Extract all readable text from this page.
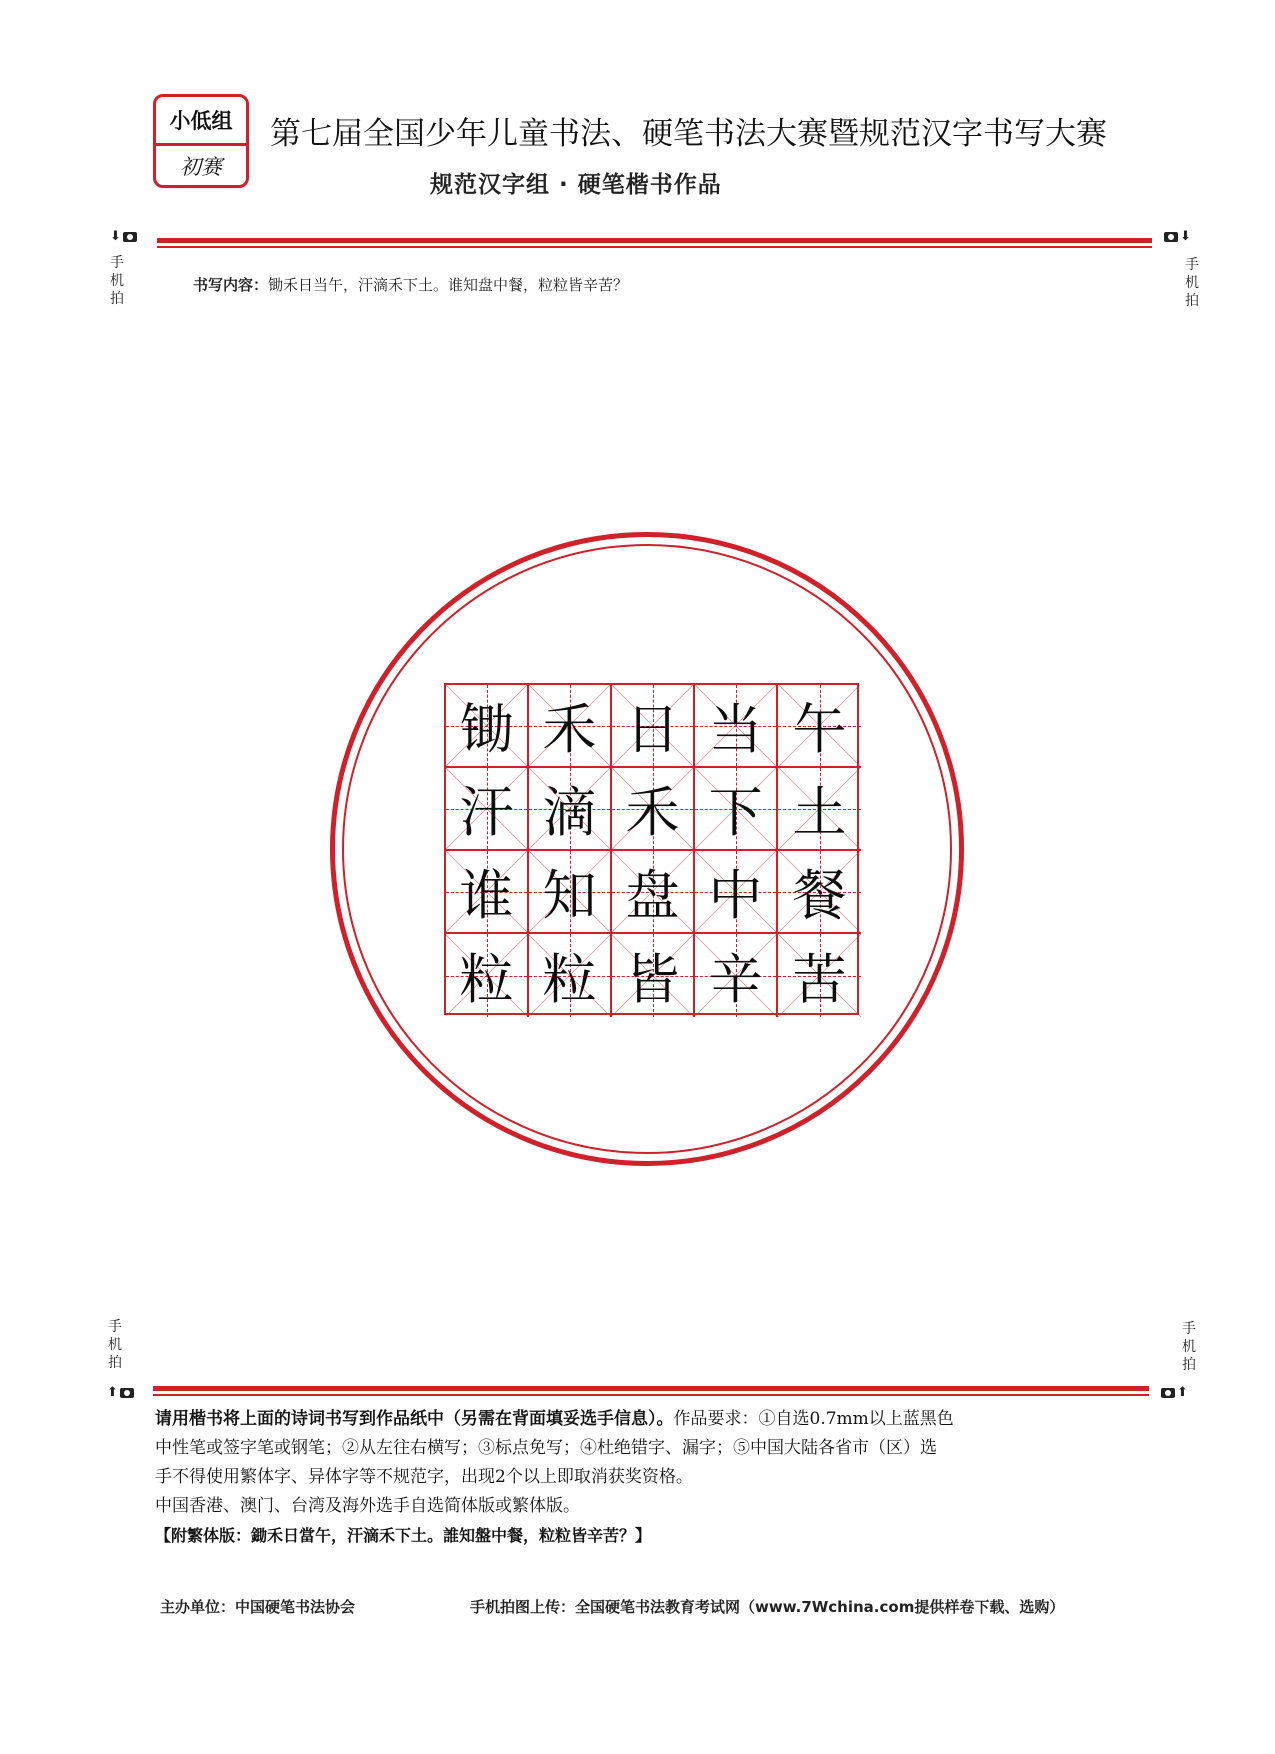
小低组
初赛
第七届全国少年儿童书法、硬笔书法大赛暨规范汉字书写大赛
规范汉字组 · 硬笔楷书作品
⬇	⬇
手机拍
手机拍
书写内容：锄禾日当午，汗滴禾下土。谁知盘中餐，粒粒皆辛苦？
锄 禾 日 当 午
汗 滴 禾 下 土
谁 知 盘 中 餐
粒 粒 皆 辛 苦
手机拍
手机拍
⬆	⬆

请用楷书将上面的诗词书写到作品纸中（另需在背面填妥选手信息）。作品要求：①自选0.7mm以上蓝黑色

中性笔或签字笔或钢笔；②从左往右横写；③标点免写；④杜绝错字、漏字；⑤中国大陆各省市（区）选

手不得使用繁体字、异体字等不规范字，出现2个以上即取消获奖资格。

中国香港、澳门、台湾及海外选手自选简体版或繁体版。

【附繁体版：鋤禾日當午，汗滴禾下土。誰知盤中餐，粒粒皆辛苦？】

主办单位：中国硬笔书法协会	手机拍图上传：全国硬笔书法教育考试网（www.7Wchina.com提供样卷下载、选购）
